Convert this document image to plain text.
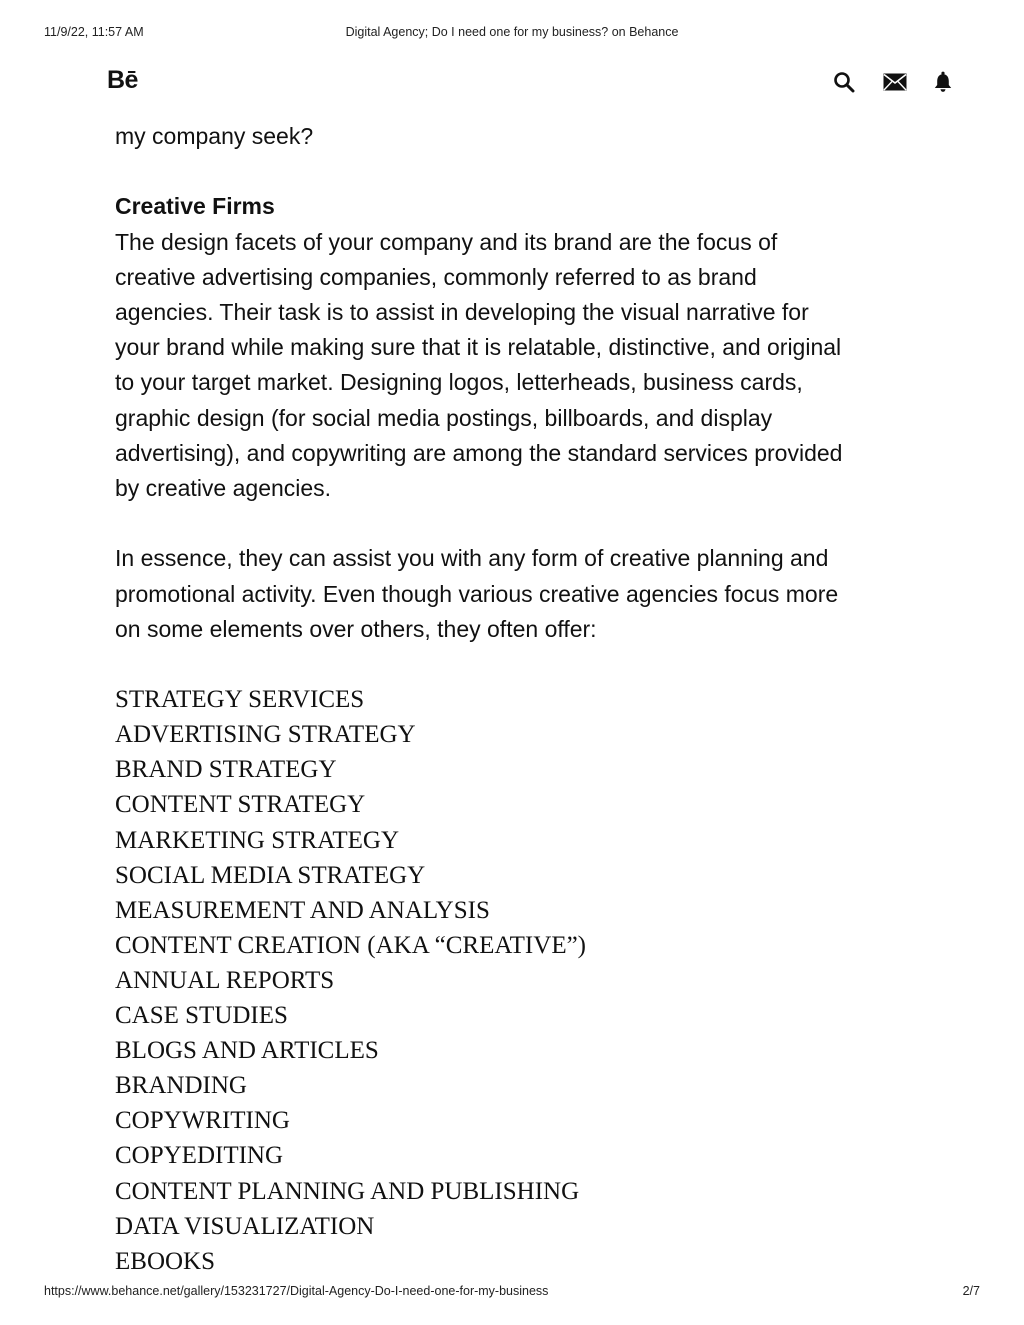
11/9/22, 11:57 AM	Digital Agency; Do I need one for my business? on Behance
Bē

my company seek?

Creative Firms

The design facets of your company and its brand are the focus of
creative advertising companies, commonly referred to as brand
agencies. Their task is to assist in developing the visual narrative for
your brand while making sure that it is relatable, distinctive, and original
to your target market. Designing logos, letterheads, business cards,
graphic design (for social media postings, billboards, and display
advertising), and copywriting are among the standard services provided
by creative agencies.

In essence, they can assist you with any form of creative planning and
promotional activity. Even though various creative agencies focus more
on some elements over others, they often offer:

STRATEGY SERVICES
ADVERTISING STRATEGY
BRAND STRATEGY
CONTENT STRATEGY
MARKETING STRATEGY
SOCIAL MEDIA STRATEGY
MEASUREMENT AND ANALYSIS
CONTENT CREATION (AKA “CREATIVE”)
ANNUAL REPORTS
CASE STUDIES
BLOGS AND ARTICLES
BRANDING
COPYWRITING
COPYEDITING
CONTENT PLANNING AND PUBLISHING
DATA VISUALIZATION
EBOOKS
https://www.behance.net/gallery/153231727/Digital-Agency-Do-I-need-one-for-my-business	2/7
